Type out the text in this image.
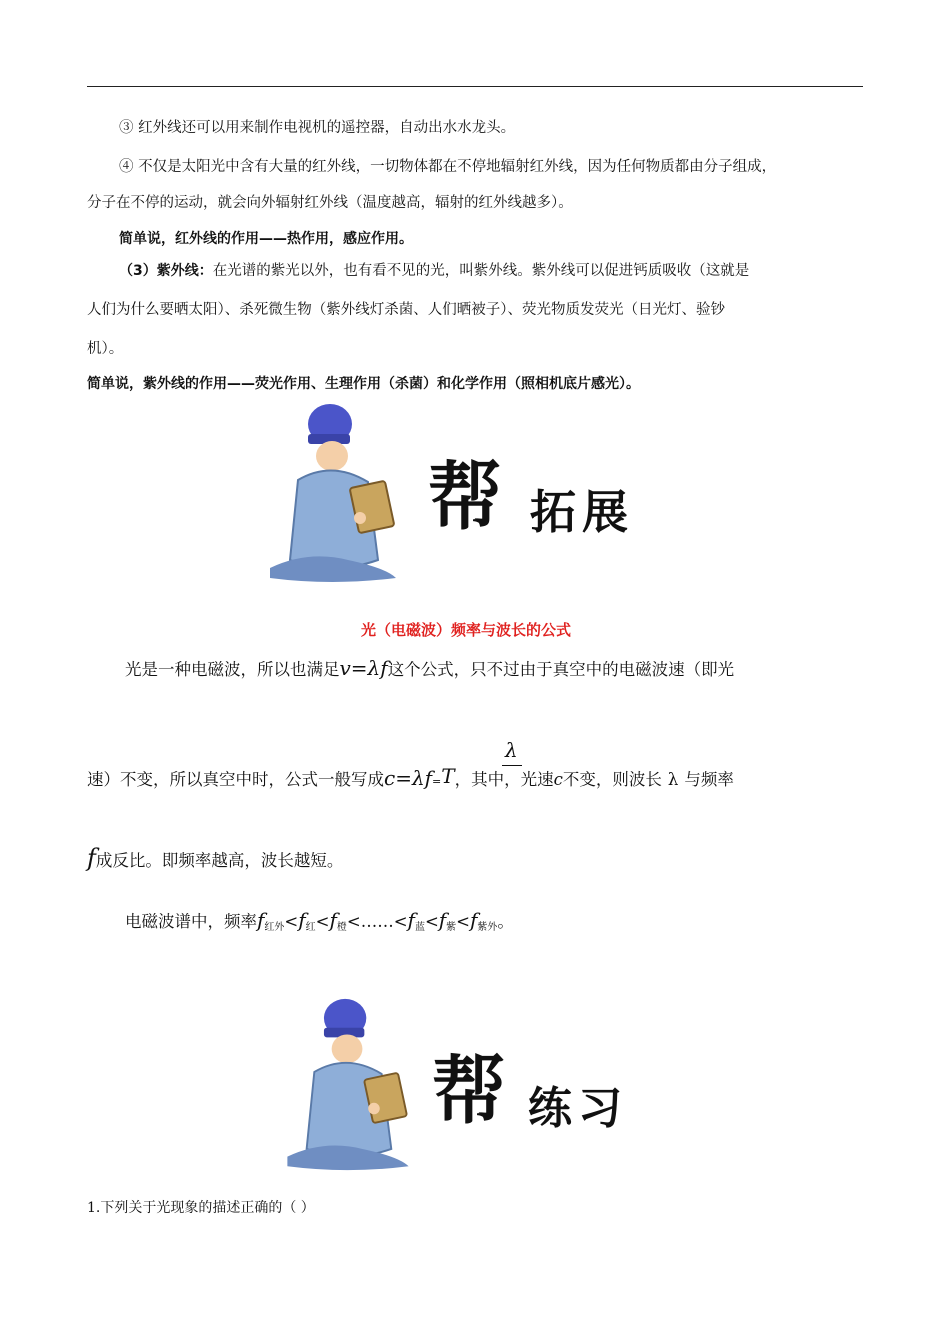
③ 红外线还可以用来制作电视机的遥控器，自动出水水龙头。
④ 不仅是太阳光中含有大量的红外线，一切物体都在不停地辐射红外线，因为任何物质都由分子组成，
分子在不停的运动，就会向外辐射红外线（温度越高，辐射的红外线越多）。
简单说，红外线的作用——热作用，感应作用。
（3）紫外线：在光谱的紫光以外，也有看不见的光，叫紫外线。紫外线可以促进钙质吸收（这就是
人们为什么要晒太阳）、杀死微生物（紫外线灯杀菌、人们晒被子）、荧光物质发荧光（日光灯、验钞
机）。
简单说，紫外线的作用——荧光作用、生理作用（杀菌）和化学作用（照相机底片感光）。
帮 拓展
光（电磁波）频率与波长的公式
光是一种电磁波，所以也满足v=λf这个公式，只不过由于真空中的电磁波速（即光
速）不变，所以真空中时，公式一般写成c=λf=T，其中，光速c不变，则波长 λ 与频率
λ
f成反比。即频率越高，波长越短。
电磁波谱中，频率f红外<f红<f橙<……<f蓝<f紫<f紫外。
帮 练习
1.下列关于光现象的描述正确的（ ）
